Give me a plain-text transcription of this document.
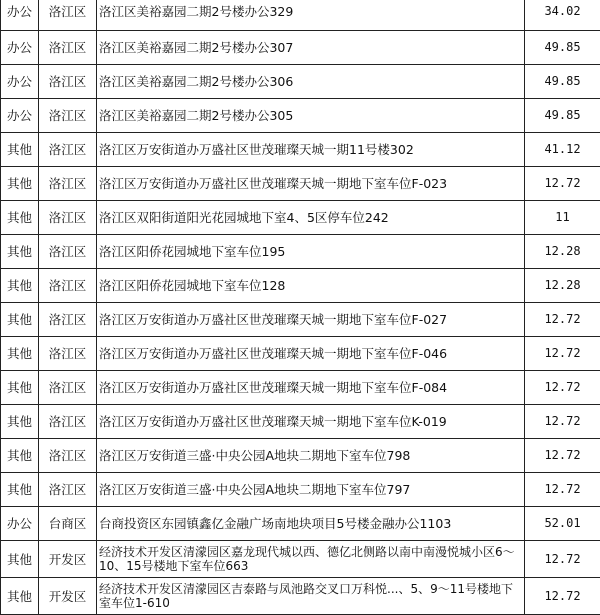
办公	洛江区	洛江区美裕嘉园二期2号楼办公329	34.02
办公	洛江区	洛江区美裕嘉园二期2号楼办公307	49.85
办公	洛江区	洛江区美裕嘉园二期2号楼办公306	49.85
办公	洛江区	洛江区美裕嘉园二期2号楼办公305	49.85
其他	洛江区	洛江区万安街道办万盛社区世茂璀璨天城一期11号楼302	41.12
其他	洛江区	洛江区万安街道办万盛社区世茂璀璨天城一期地下室车位F-023	12.72
其他	洛江区	洛江区双阳街道阳光花园城地下室4、5区停车位242	11
其他	洛江区	洛江区阳侨花园城地下室车位195	12.28
其他	洛江区	洛江区阳侨花园城地下室车位128	12.28
其他	洛江区	洛江区万安街道办万盛社区世茂璀璨天城一期地下室车位F-027	12.72
其他	洛江区	洛江区万安街道办万盛社区世茂璀璨天城一期地下室车位F-046	12.72
其他	洛江区	洛江区万安街道办万盛社区世茂璀璨天城一期地下室车位F-084	12.72
其他	洛江区	洛江区万安街道办万盛社区世茂璀璨天城一期地下室车位K-019	12.72
其他	洛江区	洛江区万安街道三盛·中央公园A地块二期地下室车位798	12.72
其他	洛江区	洛江区万安街道三盛·中央公园A地块二期地下室车位797	12.72
办公	台商区	台商投资区东园镇鑫亿金融广场南地块项目5号楼金融办公1103	52.01
其他	开发区	经济技术开发区清濛园区嘉龙现代城以西、德亿北侧路以南中南漫悦城小区6～10、15号楼地下室车位663	12.72
其他	开发区	经济技术开发区清濛园区吉泰路与凤池路交叉口万科悦...、5、9～11号楼地下室车位1-610	12.72
